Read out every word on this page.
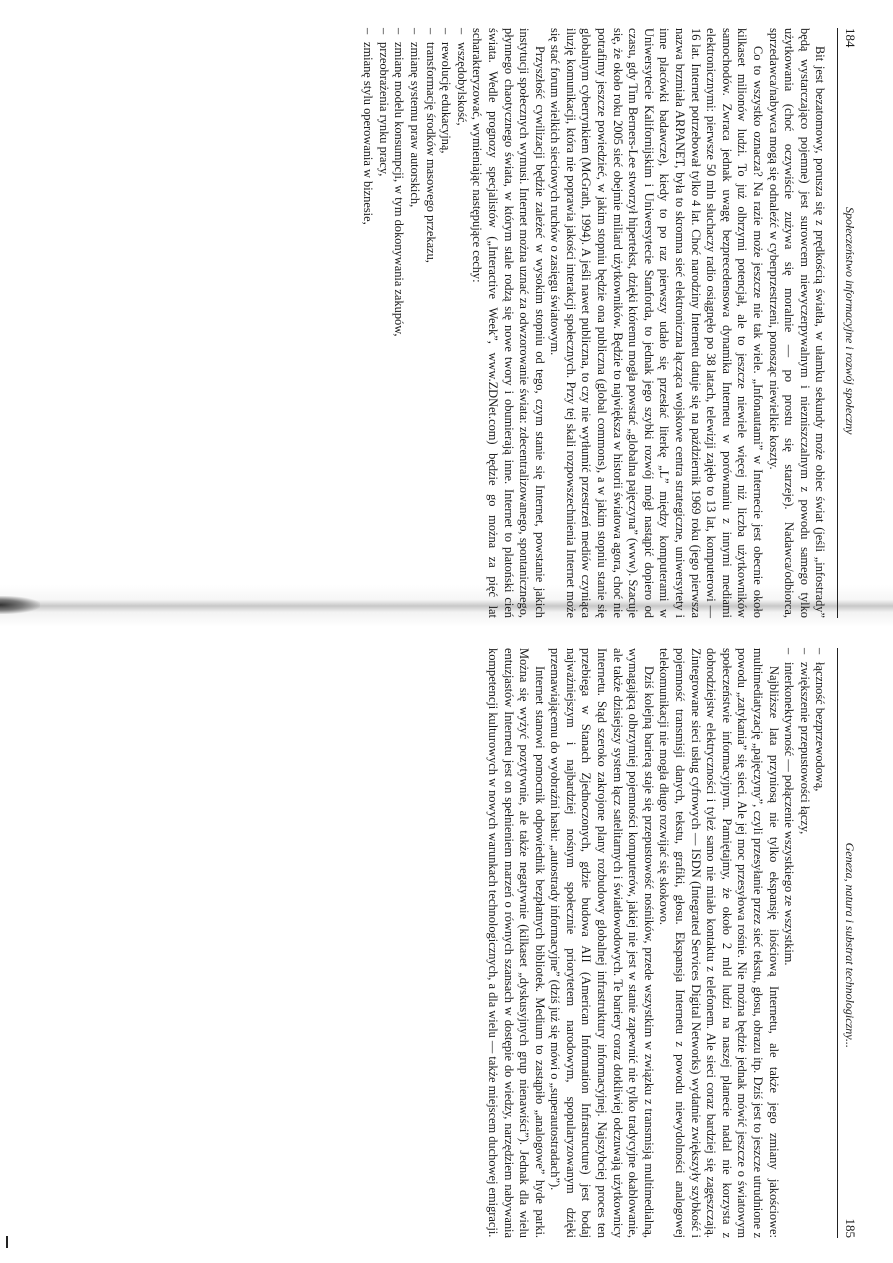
184
Społeczeństwo informacyjne i rozwój społeczny

Bit jest bezatomowy, porusza się z prędkością światła, w ułamku sekundy może obiec świat (jeśli „infostrady” będą wystarczająco pojemne) jest surowcem niewyczerpywalnym i niezniszczalnym z powodu samego tylko użytkowania (choć oczywiście zużywa się moralnie — po prostu się starzeje). Nadawca/odbiorca, sprzedawca/nabywca mogą się odnaleźć w cyberprzestrzeni, ponosząc niewielkie koszty.

Co to wszystko oznacza? Na razie może jeszcze nie tak wiele. „Infonautami” w Internecie jest obecnie około kilkaset milionów ludzi. To już olbrzymi potencjał, ale to jeszcze niewiele więcej niż liczba użytkowników samochodów. Zwraca jednak uwagę bezprecedensowa dynamika Internetu w porównaniu z innymi mediami elektronicznymi: pierwsze 50 mln słuchaczy radio osiągnęło po 38 latach, telewizji zajęło to 13 lat, komputerowi — 16 lat. Internet potrzebował tylko 4 lat. Choć narodziny Internetu datuje się na październik 1969 roku (jego pierwsza nazwa brzmiała ARPANET, była to skromna sieć elektroniczna łącząca wojskowe centra strategiczne, uniwersytety i inne placówki badawcze), kiedy to po raz pierwszy udało się przesłać literkę „L” między komputerami w Uniwersytecie Kalifornijskim i Uniwersytecie Stanforda, to jednak jego szybki rozwój mógł nastąpić dopiero od czasu, gdy Tim Berners-Lee stworzył hipertekst, dzięki któremu mogła powstać „globalna pajęczyna” (www). Szacuje się, że około roku 2005 sieć obejmie miliard użytkowników. Będzie to największa w historii światowa agora, choć nie potrafimy jeszcze powiedzieć, w jakim stopniu będzie ona publiczna (global commons), a w jakim stopniu stanie się globalnym cyberrynkiem (McGrath, 1994). A jeśli nawet publiczna, to czy nie wytłumić przestrzeń mediów czyniąca iluzję komunikacji, która nie poprawia jakości interakcji społecznych. Przy tej skali rozpowszechnienia Internet może się stać forum wielkich sieciowych ruchów o zasięgu światowym.

Przyszłość cywilizacji będzie zależeć w wysokim stopniu od tego, czym stanie się Internet, powstanie jakich instytucji społecznych wymusi. Internet można uznać za odwzorowanie świata: zdecentralizowanego, spontanicznego, płynnego chaotycznego świata, w którym stale rodzą się nowe twory i obumierają inne. Internet to platoński cień świata. Wedle prognozy specjalistów („Interactive Week”, www.ZDNet.com) będzie go można za pięć lat scharakteryzować, wymieniając następujące cechy:

– wszędobylskość,
– rewolucję edukacyjną,
– transformację środków masowego przekazu,
– zmianę systemu praw autorskich,
– zmianę modelu konsumpcji, w tym dokonywania zakupów,
– przeobrażenia rynku pracy,
– zmianę stylu operowania w biznesie,
Geneza, natura i substrat technologiczny...
185
– łączność bezprzewodową,
– zwiększenie przepustowości łączy,
– interkonektywność — połączenie wszystkiego ze wszystkim.

Najbliższe lata przyniosą nie tylko ekspansję ilościową Internetu, ale także jego zmiany jakościowe: multimediatyzację „pajęczyny”, czyli przesyłanie przez sieć tekstu, głosu, obrazu itp. Dziś jest to jeszcze utrudnione z powodu „zatykania” się sieci. Ale jej moc przesyłowa rośnie. Nie można będzie jednak mówić jeszcze o światowym społeczeństwie informacyjnym. Pamiętajmy, że około 2 mld ludzi na naszej planecie nadal nie korzysta z dobrodziejstw elektryczności i tyleż samo nie miało kontaktu z telefonem. Ale sieci coraz bardziej się zagęszczają. Zintegrowane sieci usług cyfrowych — ISDN (Integrated Services Digital Networks) wydatnie zwiększyły szybkość i pojemność transmisji danych, tekstu, grafiki, głosu. Ekspansja Internetu z powodu niewydolności analogowej telekomunikacji nie mogła długo rozwijać się skokowo.

Dziś kolejną barierą staje się przepustowość nośników, przede wszystkim w związku z transmisją multimedialną, wymagającą olbrzymiej pojemności komputerów, jakiej nie jest w stanie zapewnić nie tylko tradycyjne okablowanie, ale także dzisiejszy system łącz satelitarnych i światłowodowych. Te bariery coraz dotkliwiej odczuwają użytkownicy Internetu. Stąd szeroko zakrojone plany rozbudowy globalnej infrastruktury informacyjnej. Najszybciej proces ten przebiega w Stanach Zjednoczonych, gdzie budowa AII (American Information Infrastructure) jest bodaj najważniejszym i najbardziej nośnym społecznie priorytetem narodowym, spopularyzowanym dzięki przemawiającemu do wyobraźni hasłu: „autostrady informacyjne” (dziś już się mówi o „superautostradach”).

Internet stanowi pomocnik odpowiednik bezpłatnych bibliotek. Medium to zastąpiło „analogowe” hyde parki. Można się wyżyć pozytywnie, ale także negatywnie (kilkaset „dyskusyjnych grup nienawiści”). Jednak dla wielu entuzjastów Internetu jest on spełnieniem marzeń o równych szansach w dostępie do wiedzy, narzędziem nabywania kompetencji kulturowych w nowych warunkach technologicznych, a dla wielu — także miejscem duchowej emigracji.
